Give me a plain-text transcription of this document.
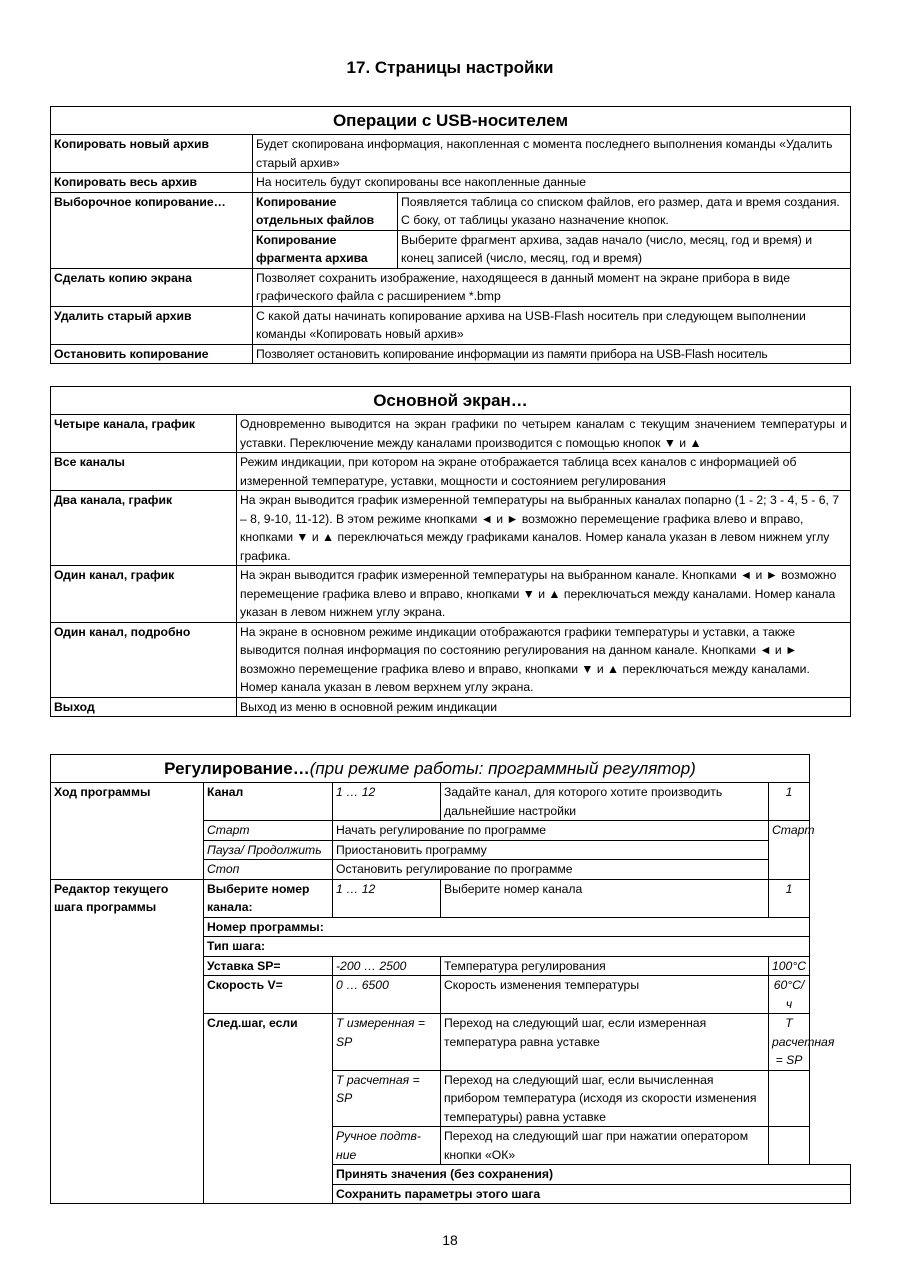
17. Страницы настройки
Операции с USB-носителем		
Копировать новый архив	Будет скопирована информация, накопленная с момента последнего выполнения команды «Удалить старый архив»	
Копировать весь архив	На носитель будут скопированы все накопленные данные	
Выборочное копирование…	Копирование отдельных файлов	Появляется таблица со списком файлов, его размер, дата и время создания. С боку, от таблицы указано назначение кнопок.
	Копирование фрагмента архива	Выберите фрагмент архива, задав начало (число, месяц, год и время) и конец записей (число, месяц, год и время)
Сделать копию экрана	Позволяет сохранить изображение, находящееся в данный момент на экране прибора в виде графического файла с расширением *.bmp	
Удалить старый архив	С какой даты начинать копирование архива на USB-Flash носитель при следующем выполнении команды «Копировать новый архив»	
Остановить копирование	Позволяет остановить копирование информации из памяти прибора на USB-Flash носитель	
Основной экран…	
Четыре канала, график	Одновременно выводится на экран графики по четырем каналам с текущим значением температуры и уставки. Переключение между каналами производится с помощью кнопок ▼ и ▲
Все каналы	Режим индикации, при котором на экране отображается таблица всех каналов с информацией об измеренной температуре, уставки, мощности и состоянием регулирования
Два канала, график	На экран выводится график измеренной температуры на выбранных каналах попарно (1 - 2; 3 - 4, 5 - 6, 7 – 8, 9-10, 11-12). В этом режиме кнопками ◄ и ► возможно перемещение графика влево и вправо, кнопками ▼ и ▲ переключаться между графиками каналов. Номер канала указан в левом нижнем углу графика.
Один канал, график	На экран выводится график измеренной температуры на выбранном канале. Кнопками ◄ и ► возможно перемещение графика влево и вправо, кнопками ▼ и ▲ переключаться между каналами. Номер канала указан в левом нижнем углу экрана.
Один канал, подробно	На экране в основном режиме индикации отображаются графики температуры и уставки, а также выводится полная информация по состоянию регулирования на данном канале. Кнопками ◄ и ► возможно перемещение графика влево и вправо, кнопками ▼ и ▲ переключаться между каналами. Номер канала указан в левом верхнем углу экрана.
Выход	Выход из меню в основной режим индикации
Регулирование…(при режиме работы: программный регулятор)				
Ход программы	Канал	1 … 12	Задайте канал, для которого хотите производить дальнейшие настройки	1
	Старт	Начать регулирование по программе		Старт
	Пауза/ Продолжить	Приостановить программу		
	Стоп	Остановить регулирование по программе		
Редактор текущего шага программы	Выберите номер канала:	1 … 12	Выберите номер канала	1
	Номер программы:			
	Тип шага:			
	Уставка SP=	-200 … 2500	Температура регулирования	100°С
	Скорость V=	0 … 6500	Скорость изменения температуры	60°С/ч
	След.шаг, если	Т измеренная = SP	Переход на следующий шаг, если измеренная температура равна уставке	Т расчетная = SP
		Т расчетная = SP	Переход на следующий шаг, если вычисленная прибором температура (исходя из скорости изменения температуры) равна уставке	
		Ручное подтв-ние	Переход на следующий шаг при нажатии оператором кнопки «ОК»	
		Принять значения (без сохранения)		
		Сохранить параметры этого шага		
18
